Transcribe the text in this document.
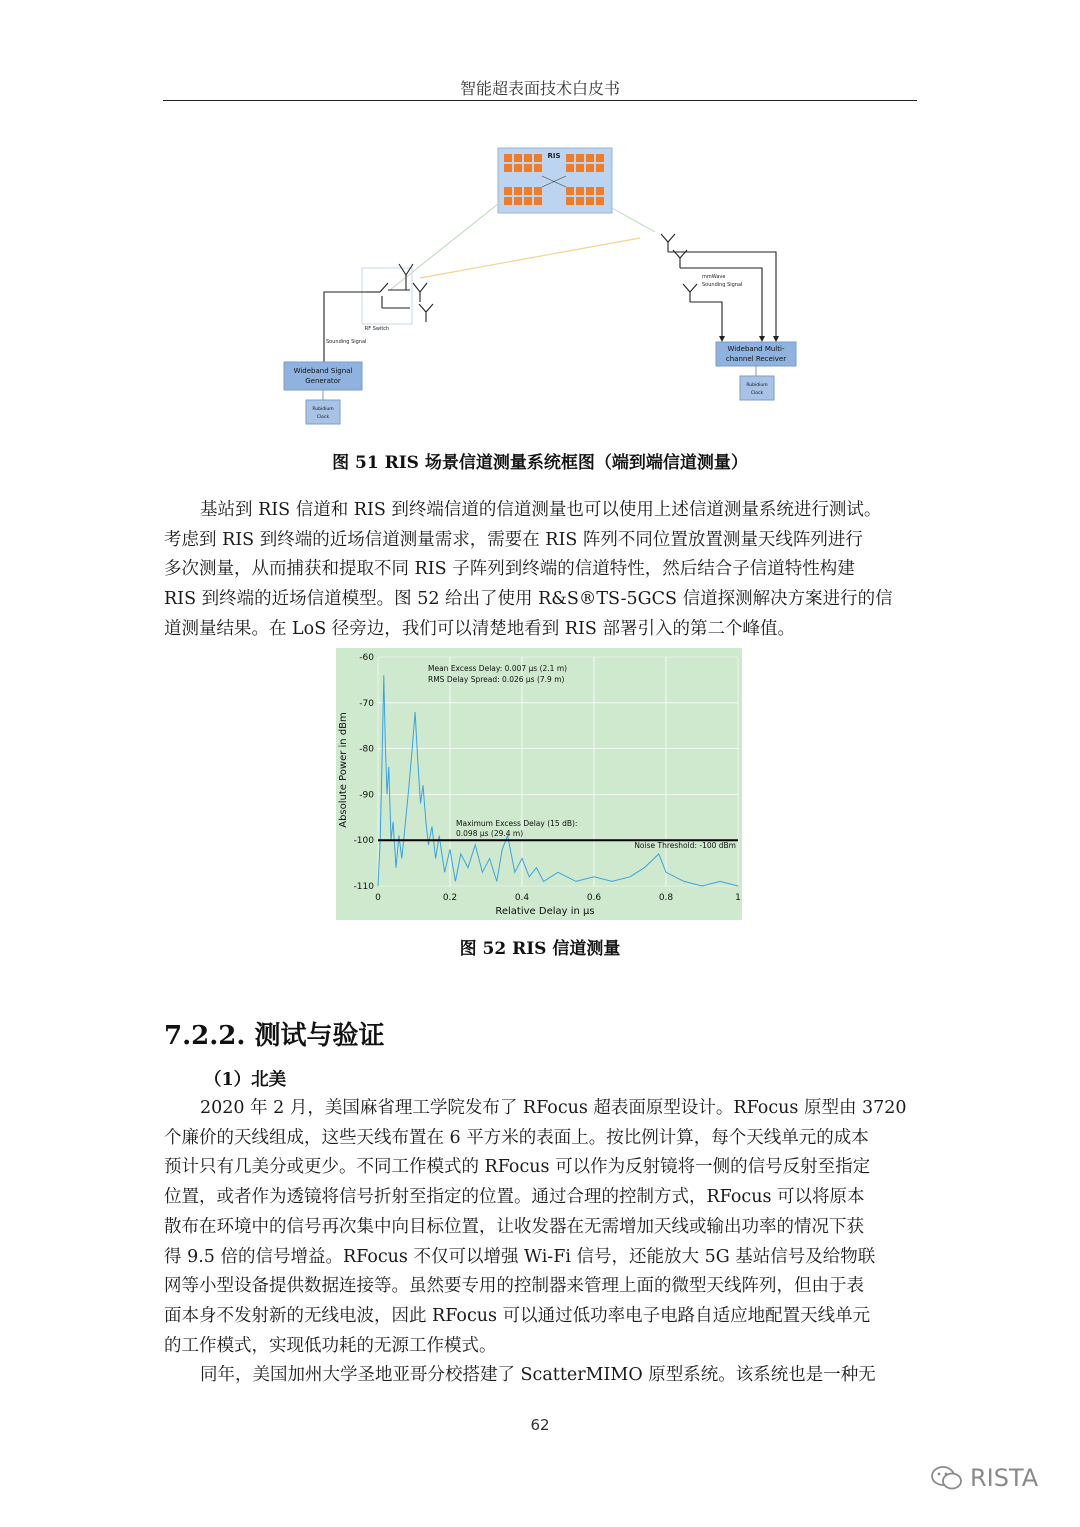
智能超表面技术白皮书
RIS
RF Switch
Sounding Signal
Wideband Signal
Generator
Rubidium
Clock
mmWave
Sounding Signal
Wideband Multi-
channel Receiver
Rubidium
Clock
图 51 RIS 场景信道测量系统框图（端到端信道测量）
基站到 RIS 信道和 RIS 到终端信道的信道测量也可以使用上述信道测量系统进行测试。
考虑到 RIS 到终端的近场信道测量需求，需要在 RIS 阵列不同位置放置测量天线阵列进行
多次测量，从而捕获和提取不同 RIS 子阵列到终端的信道特性，然后结合子信道特性构建
RIS 到终端的近场信道模型。图 52 给出了使用 R&S®TS-5GCS 信道探测解决方案进行的信
道测量结果。在 LoS 径旁边，我们可以清楚地看到 RIS 部署引入的第二个峰值。
-60
-70
-80
-90
-100
-110
0	0.2	0.4	0.6	0.8	1
Mean Excess Delay: 0.007 μs (2.1 m)
RMS Delay Spread: 0.026 μs (7.9 m)
Maximum Excess Delay (15 dB):
0.098 μs (29.4 m)
Noise Threshold: -100 dBm
Relative Delay in μs
Absolute Power in dBm
图 52 RIS 信道测量
7.2.2. 测试与验证
（1）北美
2020 年 2 月，美国麻省理工学院发布了 RFocus 超表面原型设计。RFocus 原型由 3720
个廉价的天线组成，这些天线布置在 6 平方米的表面上。按比例计算，每个天线单元的成本
预计只有几美分或更少。不同工作模式的 RFocus 可以作为反射镜将一侧的信号反射至指定
位置，或者作为透镜将信号折射至指定的位置。通过合理的控制方式，RFocus 可以将原本
散布在环境中的信号再次集中向目标位置，让收发器在无需增加天线或输出功率的情况下获
得 9.5 倍的信号增益。RFocus 不仅可以增强 Wi-Fi 信号，还能放大 5G 基站信号及给物联
网等小型设备提供数据连接等。虽然要专用的控制器来管理上面的微型天线阵列，但由于表
面本身不发射新的无线电波，因此 RFocus 可以通过低功率电子电路自适应地配置天线单元
的工作模式，实现低功耗的无源工作模式。
同年，美国加州大学圣地亚哥分校搭建了 ScatterMIMO 原型系统。该系统也是一种无
62
RISTA
